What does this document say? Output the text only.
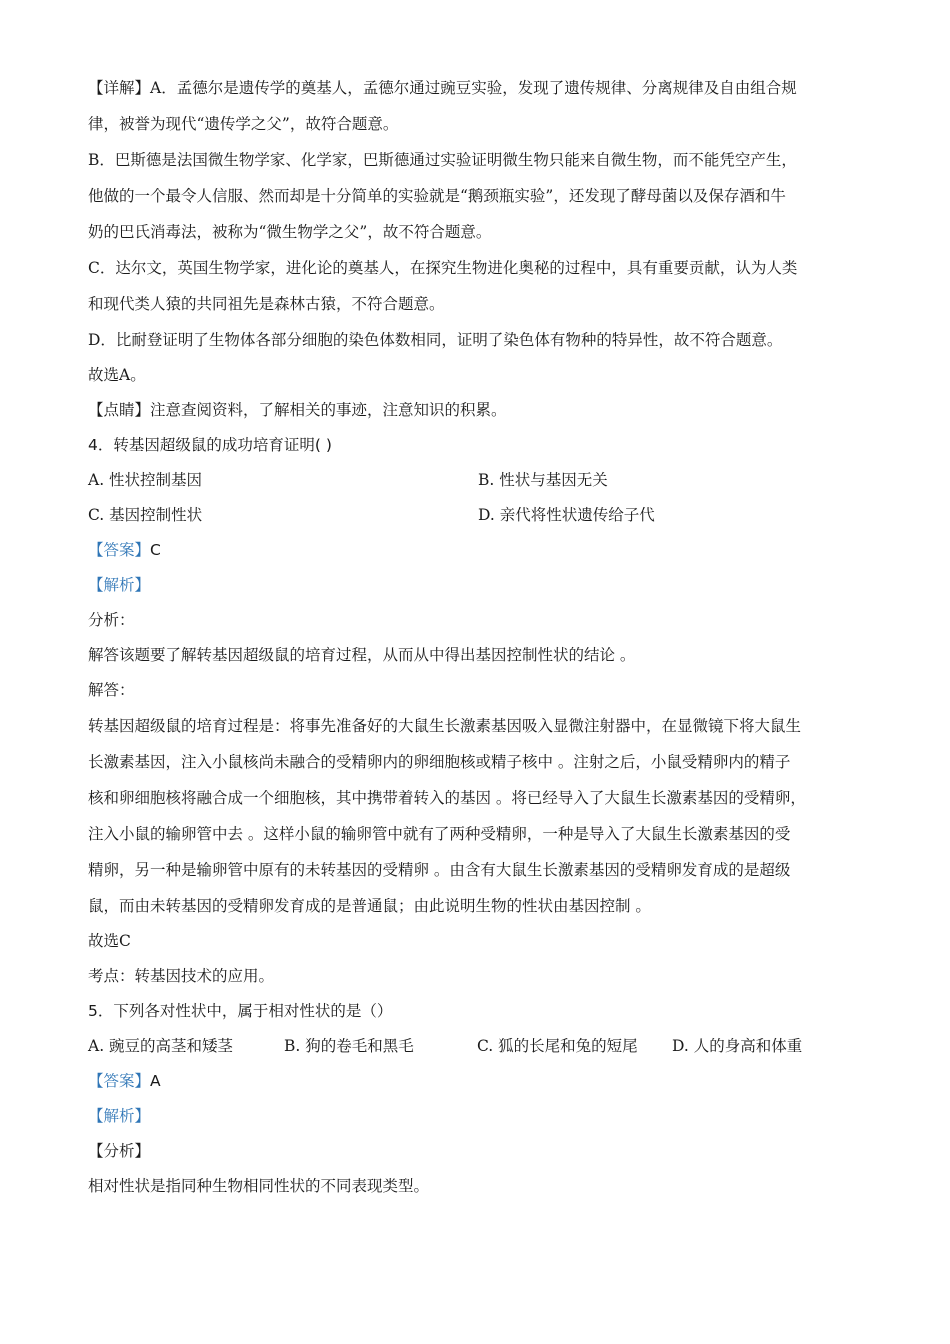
【详解】A．孟德尔是遗传学的奠基人，孟德尔通过豌豆实验，发现了遗传规律、分离规律及自由组合规

律，被誉为现代“遗传学之父”，故符合题意。

B．巴斯德是法国微生物学家、化学家，巴斯德通过实验证明微生物只能来自微生物，而不能凭空产生，

他做的一个最令人信服、然而却是十分简单的实验就是“鹅颈瓶实验”，还发现了酵母菌以及保存酒和牛

奶的巴氏消毒法，被称为“微生物学之父”，故不符合题意。

C．达尔文，英国生物学家，进化论的奠基人，在探究生物进化奥秘的过程中，具有重要贡献，认为人类

和现代类人猿的共同祖先是森林古猿，不符合题意。

D．比耐登证明了生物体各部分细胞的染色体数相同，证明了染色体有物种的特异性，故不符合题意。

故选A。

【点睛】注意查阅资料，了解相关的事迹，注意知识的积累。

4．转基因超级鼠的成功培育证明( )

A. 性状控制基因	B. 性状与基因无关
C. 基因控制性状	D. 亲代将性状遗传给子代

【答案】C

【解析】

分析：

解答该题要了解转基因超级鼠的培育过程，从而从中得出基因控制性状的结论 。

解答：

转基因超级鼠的培育过程是：将事先准备好的大鼠生长激素基因吸入显微注射器中，在显微镜下将大鼠生

长激素基因，注入小鼠核尚未融合的受精卵内的卵细胞核或精子核中 。注射之后，小鼠受精卵内的精子

核和卵细胞核将融合成一个细胞核，其中携带着转入的基因 。将已经导入了大鼠生长激素基因的受精卵，

注入小鼠的输卵管中去 。这样小鼠的输卵管中就有了两种受精卵，一种是导入了大鼠生长激素基因的受

精卵，另一种是输卵管中原有的未转基因的受精卵 。由含有大鼠生长激素基因的受精卵发育成的是超级

鼠，而由未转基因的受精卵发育成的是普通鼠；由此说明生物的性状由基因控制 。

故选C

考点：转基因技术的应用。

5．下列各对性状中，属于相对性状的是（）

A. 豌豆的高茎和矮茎	B. 狗的卷毛和黑毛	C. 狐的长尾和兔的短尾	D. 人的身高和体重

【答案】A

【解析】

【分析】

相对性状是指同种生物相同性状的不同表现类型。
